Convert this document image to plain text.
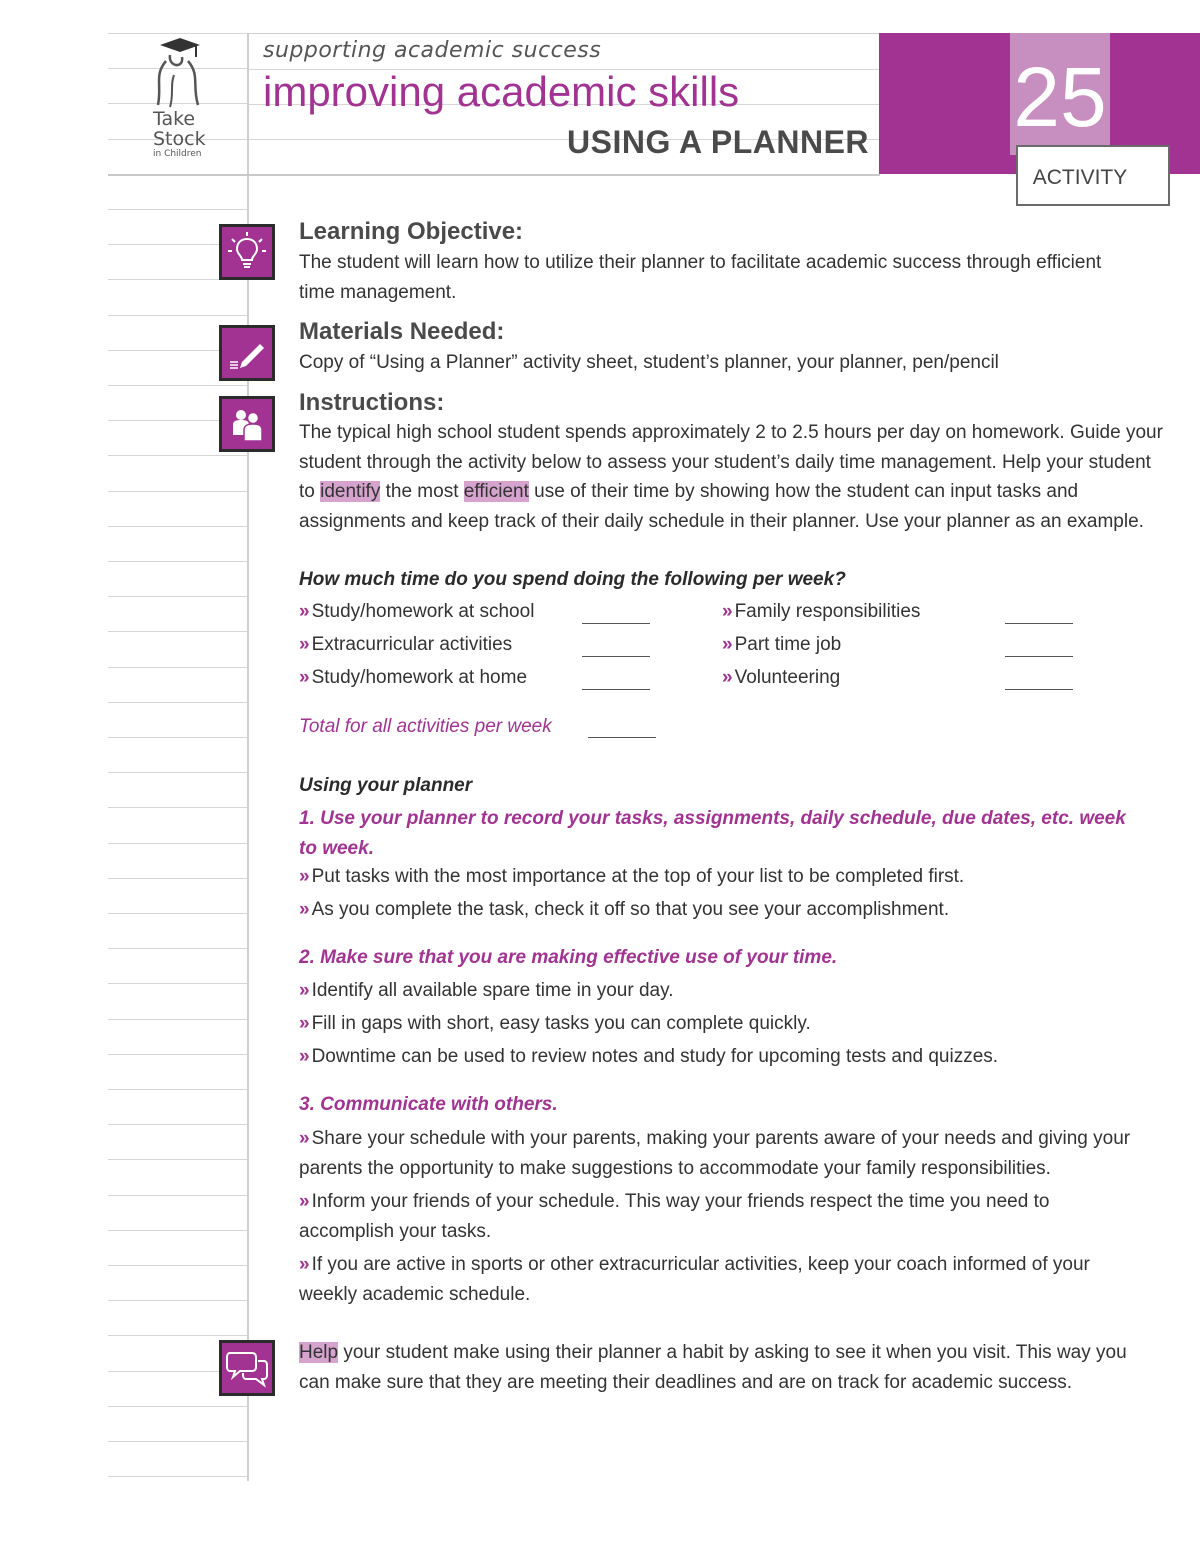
Take
Stock
in Children
supporting academic success
improving academic skills
USING A PLANNER 25
ACTIVITY
Learning Objective:
The student will learn how to utilize their planner to facilitate academic success through efficient time management.
Materials Needed:
Copy of “Using a Planner” activity sheet, student’s planner, your planner, pen/pencil
Instructions:
The typical high school student spends approximately 2 to 2.5 hours per day on homework. Guide your student through the activity below to assess your student’s daily time management. Help your student to identify the most efficient use of their time by showing how the student can input tasks and assignments and keep track of their daily schedule in their planner. Use your planner as an example.
How much time do you spend doing the following per week?
» Study/homework at school
» Extracurricular activities
» Study/homework at home
» Family responsibilities
» Part time job
» Volunteering
Total for all activities per week
Using your planner
1. Use your planner to record your tasks, assignments, daily schedule, due dates, etc. week to week.
» Put tasks with the most importance at the top of your list to be completed first.
» As you complete the task, check it off so that you see your accomplishment.
2. Make sure that you are making effective use of your time.
» Identify all available spare time in your day.
» Fill in gaps with short, easy tasks you can complete quickly.
» Downtime can be used to review notes and study for upcoming tests and quizzes.
3. Communicate with others.
» Share your schedule with your parents, making your parents aware of your needs and giving your parents the opportunity to make suggestions to accommodate your family responsibilities.
» Inform your friends of your schedule. This way your friends respect the time you need to accomplish your tasks.
» If you are active in sports or other extracurricular activities, keep your coach informed of your weekly academic schedule.
Help your student make using their planner a habit by asking to see it when you visit. This way you can make sure that they are meeting their deadlines and are on track for academic success.
